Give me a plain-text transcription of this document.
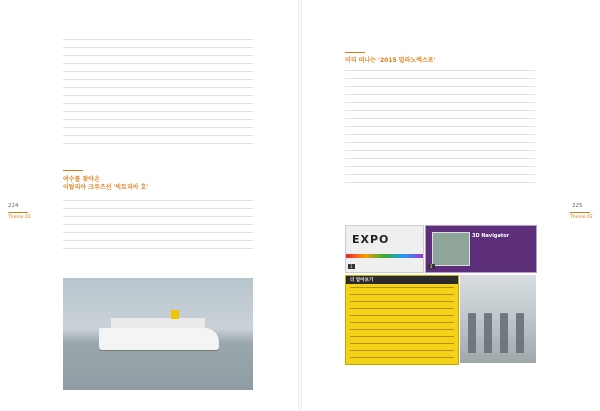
여수를 찾아온
이탈리아 크루즈선 '빅토리아 호'
224
Theme 02
미리 떠나는 '2015 밀라노엑스포'
225
Theme 02
EXPO
1
3D Navigator
2
더 알아보기
